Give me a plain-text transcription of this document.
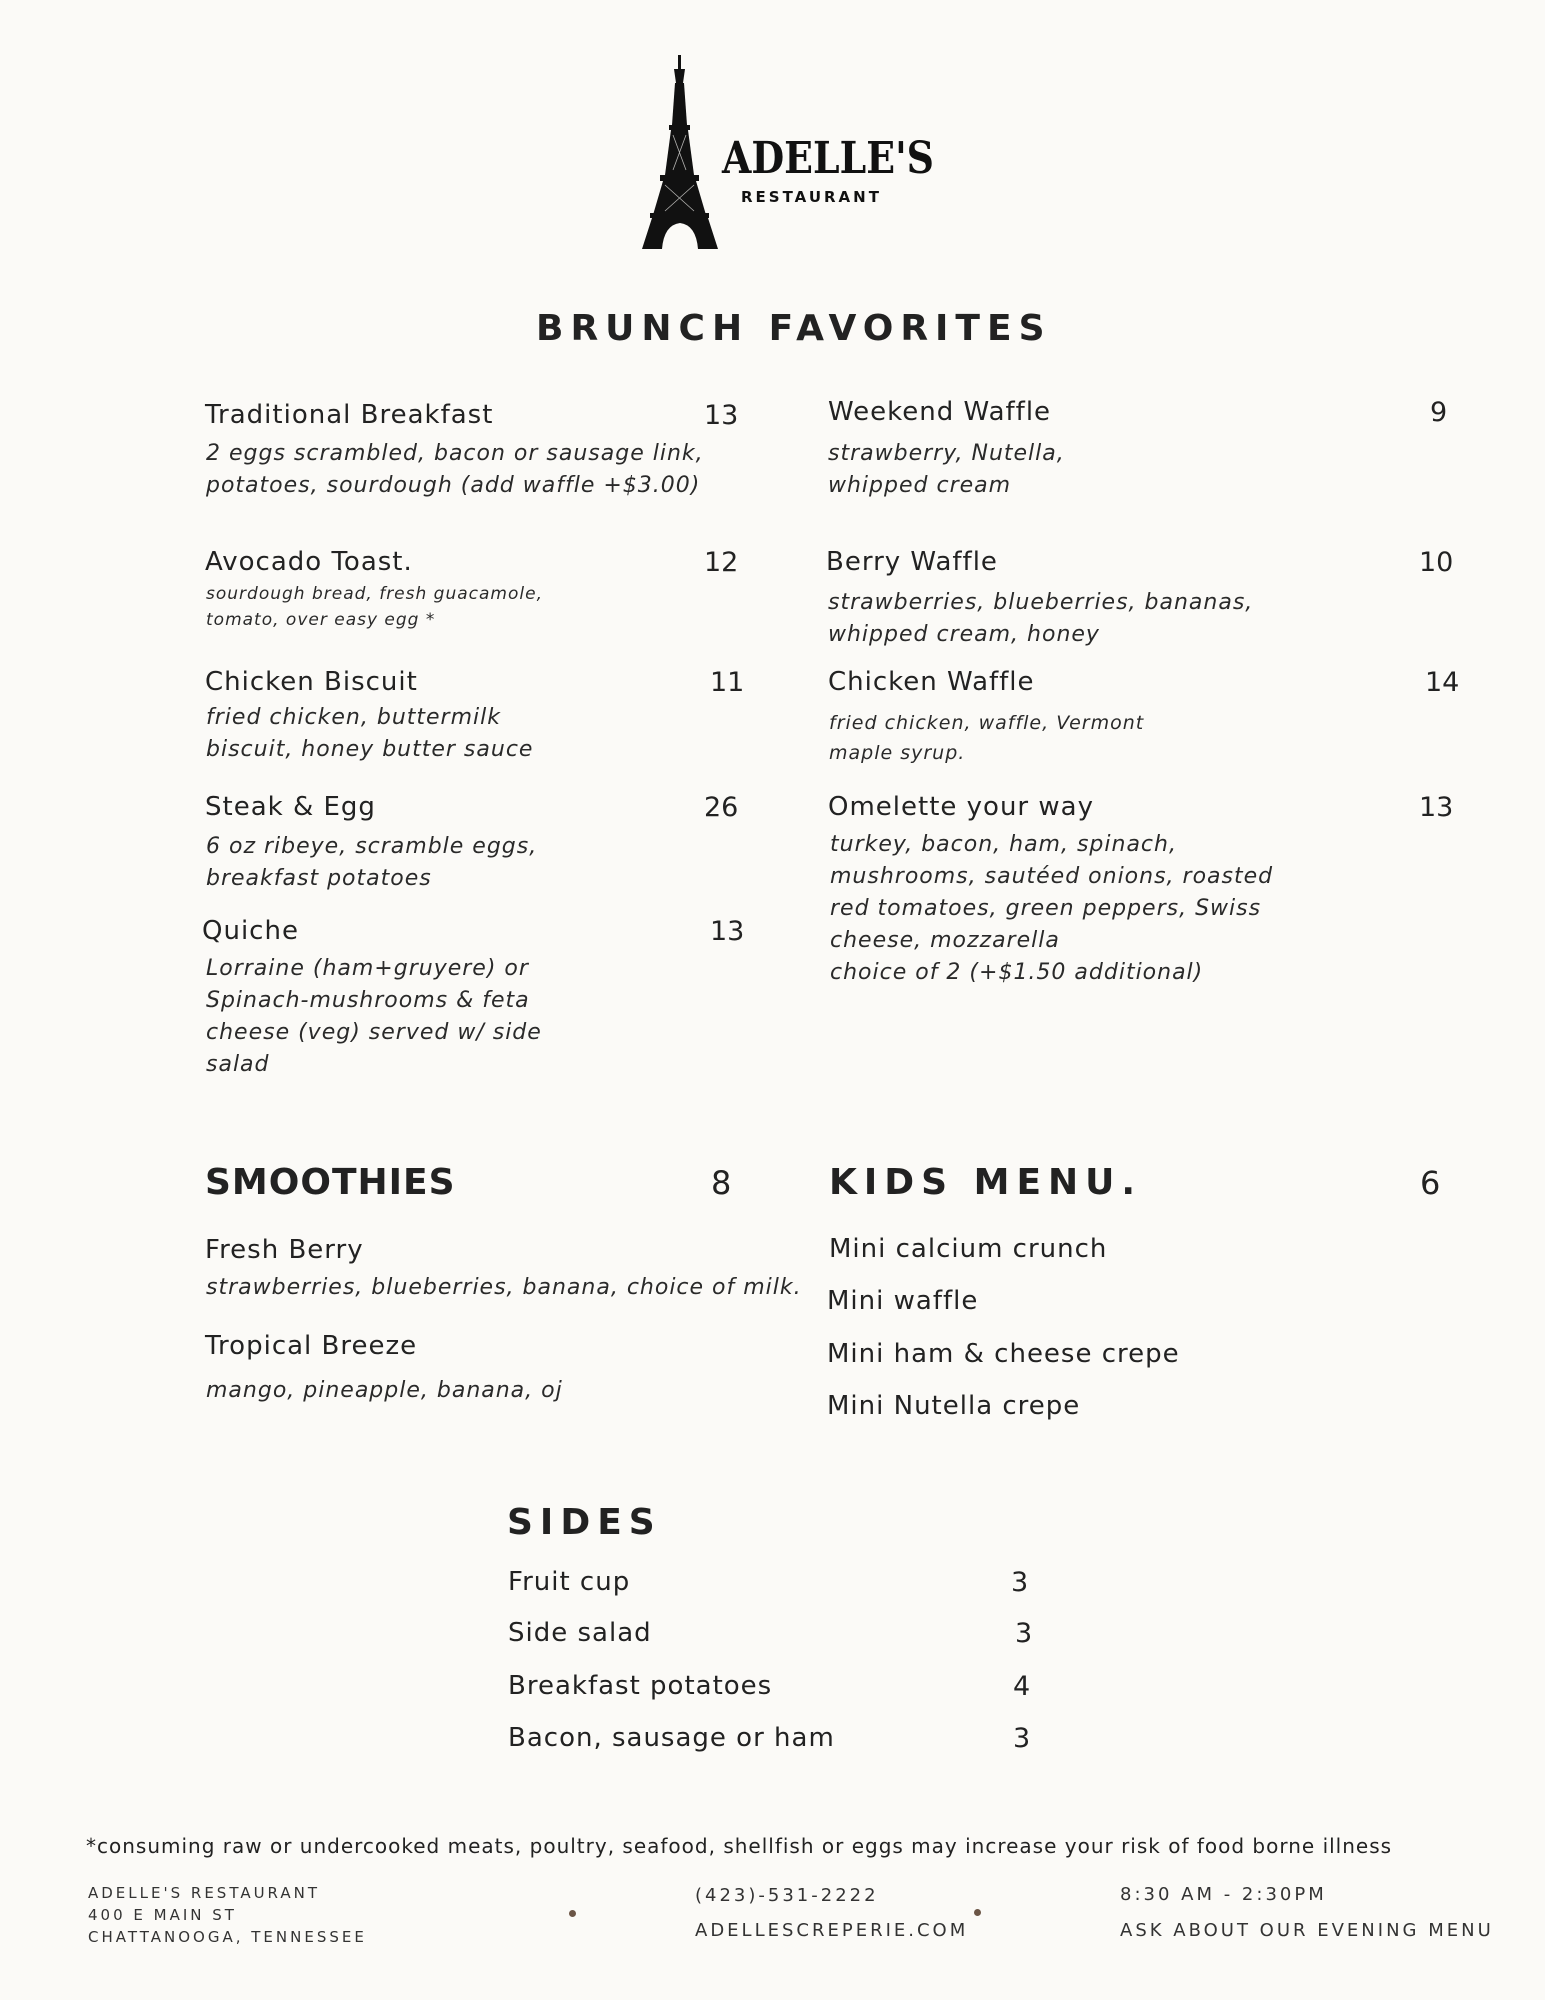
ADELLE'S
RESTAURANT
BRUNCH FAVORITES
Traditional Breakfast	13
2 eggs scrambled, bacon or sausage link,
potatoes, sourdough (add waffle +$3.00)
Avocado Toast.	12
sourdough bread, fresh guacamole,
tomato, over easy egg *
Chicken Biscuit	11
fried chicken, buttermilk
biscuit, honey butter sauce
Steak & Egg	26
6 oz ribeye, scramble eggs,
breakfast potatoes
Quiche	13
Lorraine (ham+gruyere) or
Spinach-mushrooms & feta
cheese (veg) served w/ side
salad
Weekend Waffle	9
strawberry, Nutella,
whipped cream
Berry Waffle	10
strawberries, blueberries, bananas,
whipped cream, honey
Chicken Waffle	14
fried chicken, waffle, Vermont
maple syrup.
Omelette your way	13
turkey, bacon, ham, spinach,
mushrooms, sautéed onions, roasted
red tomatoes, green peppers, Swiss
cheese, mozzarella
choice of 2 (+$1.50 additional)
SMOOTHIES	8
Fresh Berry
strawberries, blueberries, banana, choice of milk.
Tropical Breeze
mango, pineapple, banana, oj
KIDS MENU.	6
Mini calcium crunch
Mini waffle
Mini ham & cheese crepe
Mini Nutella crepe
SIDES
Fruit cup	3
Side salad	3
Breakfast potatoes	4
Bacon, sausage or ham	3
*consuming raw or undercooked meats, poultry, seafood, shellfish or eggs may increase your risk of food borne illness
ADELLE'S RESTAURANT
400 E MAIN ST
CHATTANOOGA, TENNESSEE
(423)-531-2222
ADELLESCREPERIE.COM
8:30 AM - 2:30PM
ASK ABOUT OUR EVENING MENU
